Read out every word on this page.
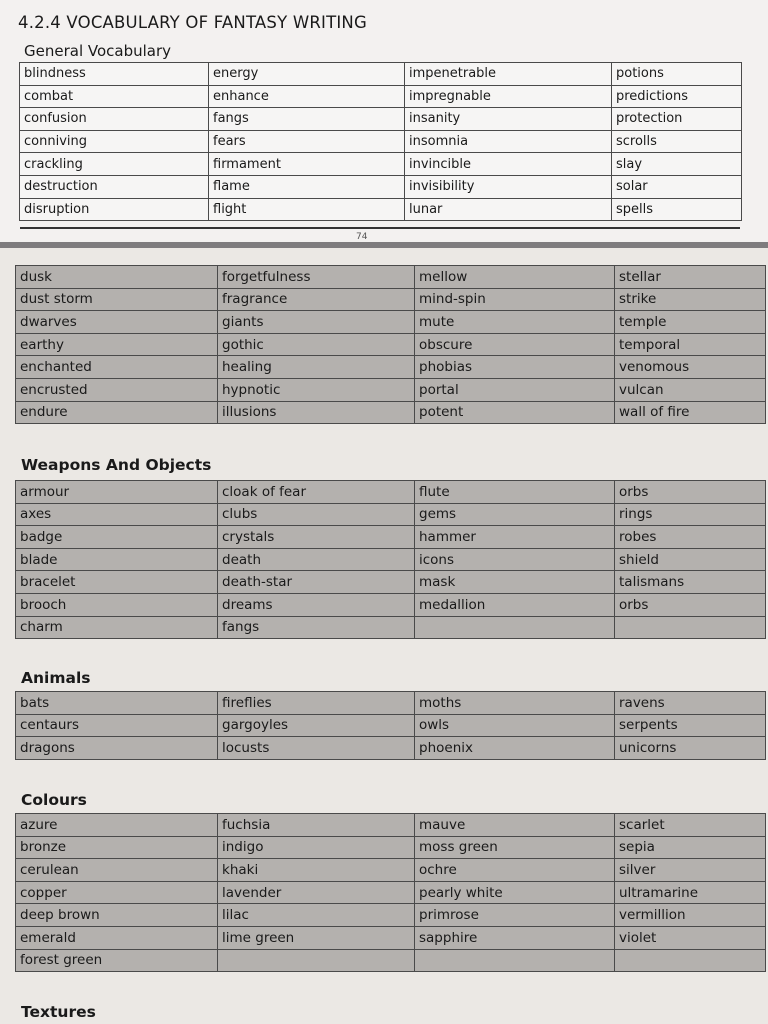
4.2.4 VOCABULARY OF FANTASY WRITING
General Vocabulary
blindness	energy	impenetrable	potions
combat	enhance	impregnable	predictions
confusion	fangs	insanity	protection
conniving	fears	insomnia	scrolls
crackling	firmament	invincible	slay
destruction	flame	invisibility	solar
disruption	flight	lunar	spells
74
dusk	forgetfulness	mellow	stellar
dust storm	fragrance	mind-spin	strike
dwarves	giants	mute	temple
earthy	gothic	obscure	temporal
enchanted	healing	phobias	venomous
encrusted	hypnotic	portal	vulcan
endure	illusions	potent	wall of fire
Weapons And Objects
armour	cloak of fear	flute	orbs
axes	clubs	gems	rings
badge	crystals	hammer	robes
blade	death	icons	shield
bracelet	death-star	mask	talismans
brooch	dreams	medallion	orbs
charm	fangs		
Animals
bats	fireflies	moths	ravens
centaurs	gargoyles	owls	serpents
dragons	locusts	phoenix	unicorns
Colours
azure	fuchsia	mauve	scarlet
bronze	indigo	moss green	sepia
cerulean	khaki	ochre	silver
copper	lavender	pearly white	ultramarine
deep brown	lilac	primrose	vermillion
emerald	lime green	sapphire	violet
forest green			
Textures
